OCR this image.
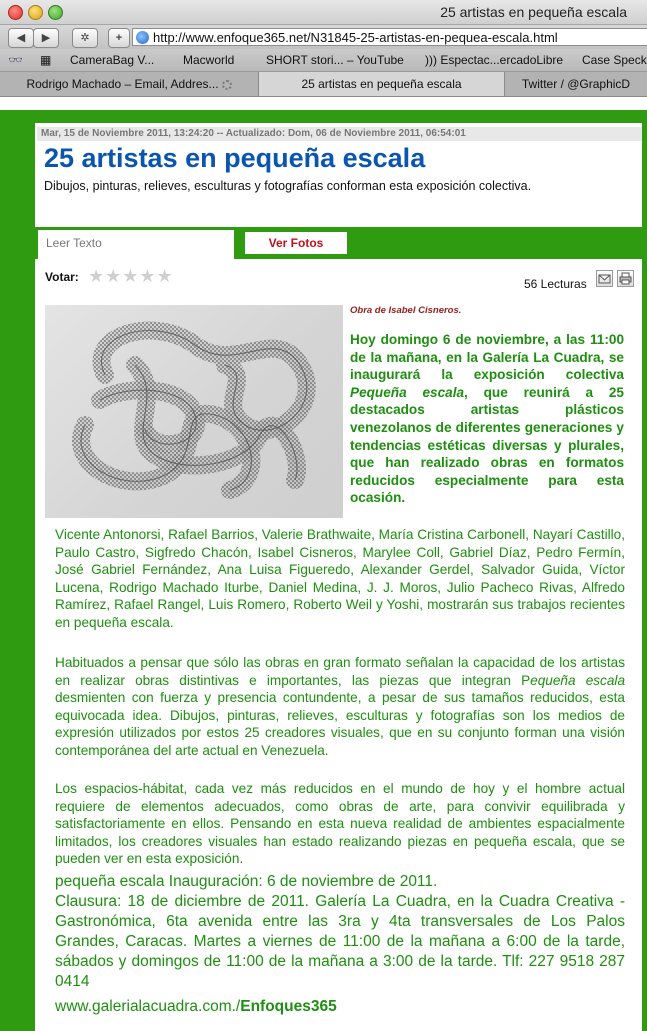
25 artistas en pequeña escala
◀	▶	✲	+	http://www.enfoque365.net/N31845-25-artistas-en-pequea-escala.html
👓 ▦ CameraBag V... Macworld	SHORT stori... – YouTube ))) Espectac...ercadoLibre Case Speck
Rodrigo Machado – Email, Addres...	25 artistas en pequeña escala	Twitter / @GraphicD
Mar, 15 de Noviembre 2011, 13:24:20 -- Actualizado: Dom, 06 de Noviembre 2011, 06:54:01
25 artistas en pequeña escala
Dibujos, pinturas, relieves, esculturas y fotografías conforman esta exposición colectiva.
Leer Texto	Ver Fotos
Votar: ★★★★★	56 Lecturas
Obra de Isabel Cisneros.
Hoy domingo 6 de noviembre, a las 11:00 de la mañana, en la Galería La Cuadra, se inaugurará la exposición colectiva Pequeña escala, que reunirá a 25 destacados artistas plásticos venezolanos de diferentes generaciones y tendencias estéticas diversas y plurales, que han realizado obras en formatos reducidos especialmente para esta ocasión.
Vicente Antonorsi, Rafael Barrios, Valerie Brathwaite, María Cristina Carbonell, Nayarí Castillo, Paulo Castro, Sigfredo Chacón, Isabel Cisneros, Marylee Coll, Gabriel Díaz, Pedro Fermín, José Gabriel Fernández, Ana Luisa Figueredo, Alexander Gerdel, Salvador Guida, Víctor Lucena, Rodrigo Machado Iturbe, Daniel Medina, J. J. Moros, Julio Pacheco Rivas, Alfredo Ramírez, Rafael Rangel, Luis Romero, Roberto Weil y Yoshi, mostrarán sus trabajos recientes en pequeña escala.
Habituados a pensar que sólo las obras en gran formato señalan la capacidad de los artistas en realizar obras distintivas e importantes, las piezas que integran Pequeña escala desmienten con fuerza y presencia contundente, a pesar de sus tamaños reducidos, esta equivocada idea. Dibujos, pinturas, relieves, esculturas y fotografías son los medios de expresión utilizados por estos 25 creadores visuales, que en su conjunto forman una visión contemporánea del arte actual en Venezuela.
Los espacios-hábitat, cada vez más reducidos en el mundo de hoy y el hombre actual requiere de elementos adecuados, como obras de arte, para convivir equilibrada y satisfactoriamente en ellos. Pensando en esta nueva realidad de ambientes espacialmente limitados, los creadores visuales han estado realizando piezas en pequeña escala, que se pueden ver en esta exposición.
pequeña escala Inauguración: 6 de noviembre de 2011.
Clausura: 18 de diciembre de 2011. Galería La Cuadra, en la Cuadra Creativa - Gastronómica, 6ta avenida entre las 3ra y 4ta transversales de Los Palos Grandes, Caracas. Martes a viernes de 11:00 de la mañana a 6:00 de la tarde, sábados y domingos de 11:00 de la mañana a 3:00 de la tarde. Tlf: 227 9518 287 0414
www.galerialacuadra.com./Enfoques365
